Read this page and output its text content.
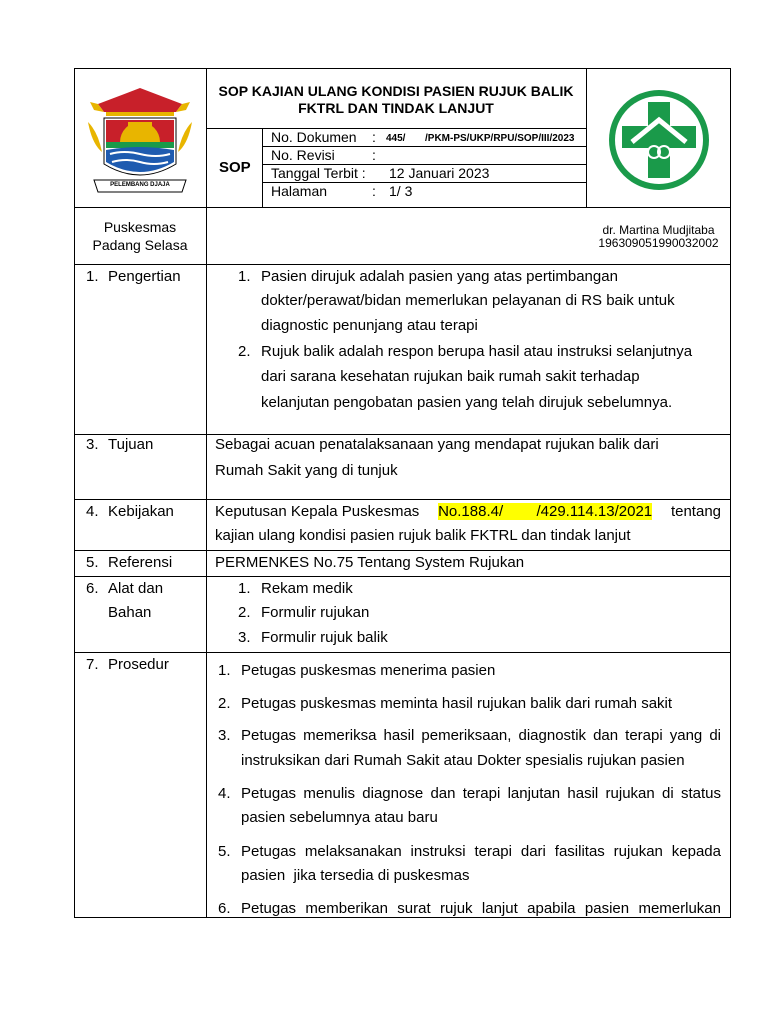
PELEMBANG DJAJA
SOP KAJIAN ULANG KONDISI PASIEN RUJUK BALIK FKTRL DAN TINDAK LANJUT
SOP
No. Dokumen : 445/ /PKM-PS/UKP/RPU/SOP/III/2023
No. Revisi	:
Tanggal Terbit : 12 Januari 2023
Halaman	: 1/ 3
Puskesmas
Padang Selasa
dr. Martina Mudjitaba
196309051990032002
1. Pengertian
3. Tujuan
4. Kebijakan
5. Referensi
6. Alat dan
Bahan
7. Prosedur
1. Pasien dirujuk adalah pasien yang atas pertimbangan
dokter/perawat/bidan memerlukan pelayanan di RS baik untuk
diagnostic penunjang atau terapi
2. Rujuk balik adalah respon berupa hasil atau instruksi selanjutnya
dari sarana kesehatan rujukan baik rumah sakit terhadap
kelanjutan pengobatan pasien yang telah dirujuk sebelumnya.
Sebagai acuan penatalaksanaan yang mendapat rujukan balik dari
Rumah Sakit yang di tunjuk
Keputusan Kepala Puskesmas No.188.4/        /429.114.13/2021 tentang
kajian ulang kondisi pasien rujuk balik FKTRL dan tindak lanjut
PERMENKES No.75 Tentang System Rujukan
1. Rekam medik
2. Formulir rujukan
3. Formulir rujuk balik
1. Petugas puskesmas menerima pasien
2. Petugas puskesmas meminta hasil rujukan balik dari rumah sakit
3. Petugas memeriksa hasil pemeriksaan, diagnostik dan terapi yang di
instruksikan dari Rumah Sakit atau Dokter spesialis rujukan pasien
4. Petugas menulis diagnose dan terapi lanjutan hasil rujukan di status
pasien sebelumnya atau baru
5. Petugas melaksanakan instruksi terapi dari fasilitas rujukan kepada
pasien  jika tersedia di puskesmas
6. Petugas memberikan surat rujuk lanjut apabila pasien memerlukan
